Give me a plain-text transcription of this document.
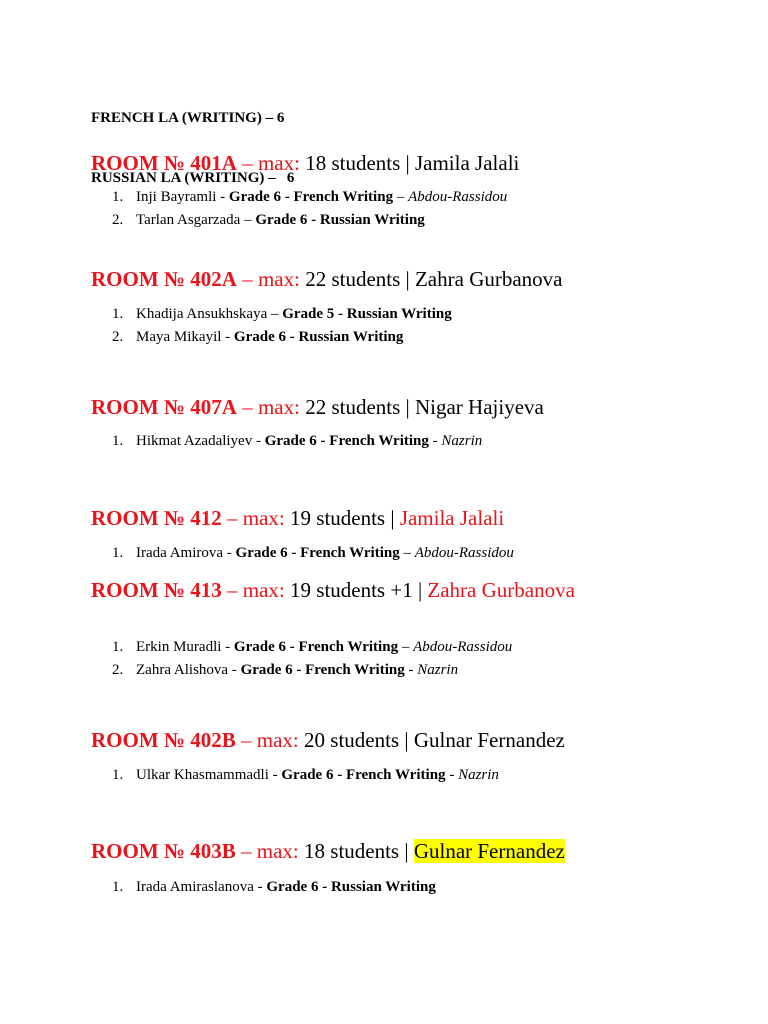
FRENCH LA (WRITING) – 6

RUSSIAN LA (WRITING) –   6

ROOM № 401A – max: 18 students | Jamila Jalali
1. Inji Bayramli - Grade 6 - French Writing – Abdou-Rassidou
2. Tarlan Asgarzada – Grade 6 - Russian Writing
ROOM № 402A – max: 22 students | Zahra Gurbanova
1. Khadija Ansukhskaya – Grade 5 - Russian Writing
2. Maya Mikayil - Grade 6 - Russian Writing
ROOM № 407A – max: 22 students | Nigar Hajiyeva
1. Hikmat Azadaliyev - Grade 6 - French Writing - Nazrin
ROOM № 412 – max: 19 students | Jamila Jalali
1. Irada Amirova - Grade 6 - French Writing – Abdou-Rassidou
ROOM № 413 – max: 19 students +1 | Zahra Gurbanova
1. Erkin Muradli - Grade 6 - French Writing – Abdou-Rassidou
2. Zahra Alishova - Grade 6 - French Writing - Nazrin
ROOM № 402B – max: 20 students | Gulnar Fernandez
1. Ulkar Khasmammadli - Grade 6 - French Writing - Nazrin
ROOM № 403B – max: 18 students | Gulnar Fernandez
1. Irada Amiraslanova - Grade 6 - Russian Writing
